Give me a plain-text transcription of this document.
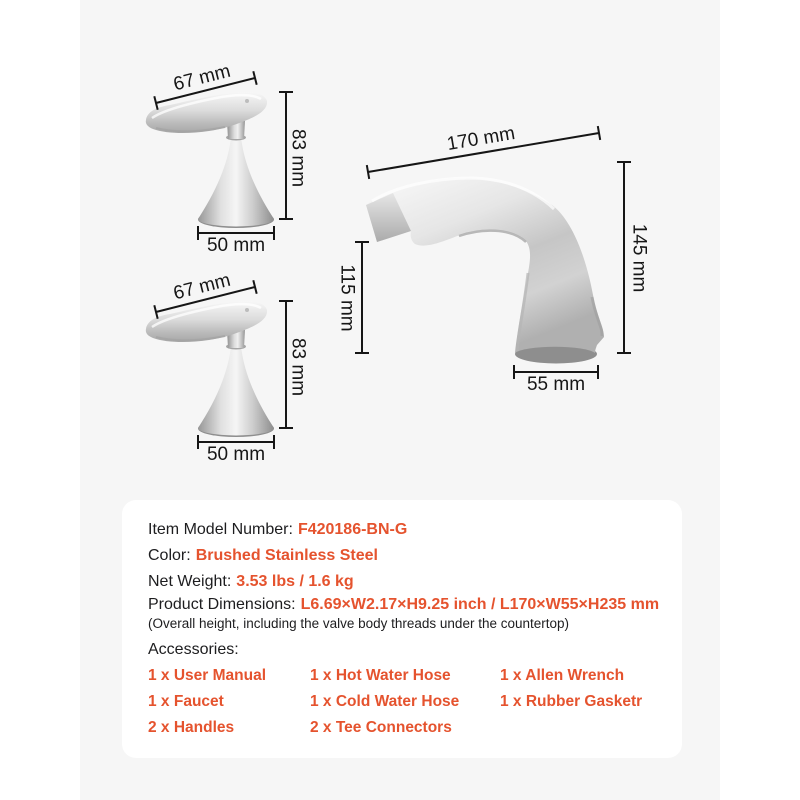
67 mm
83 mm
50 mm
67 mm
83 mm
50 mm
170 mm
145 mm
115 mm
55 mm
Item Model Number: F420186-BN-G
Color: Brushed Stainless Steel
Net Weight: 3.53 lbs / 1.6 kg
Product Dimensions: L6.69×W2.17×H9.25 inch / L170×W55×H235 mm
(Overall height, including the valve body threads under the countertop)
Accessories:
1 x User Manual
1 x Faucet
2 x Handles
1 x Hot Water Hose
1 x Cold Water Hose
2 x Tee Connectors
1 x Allen Wrench
1 x Rubber Gasketr
